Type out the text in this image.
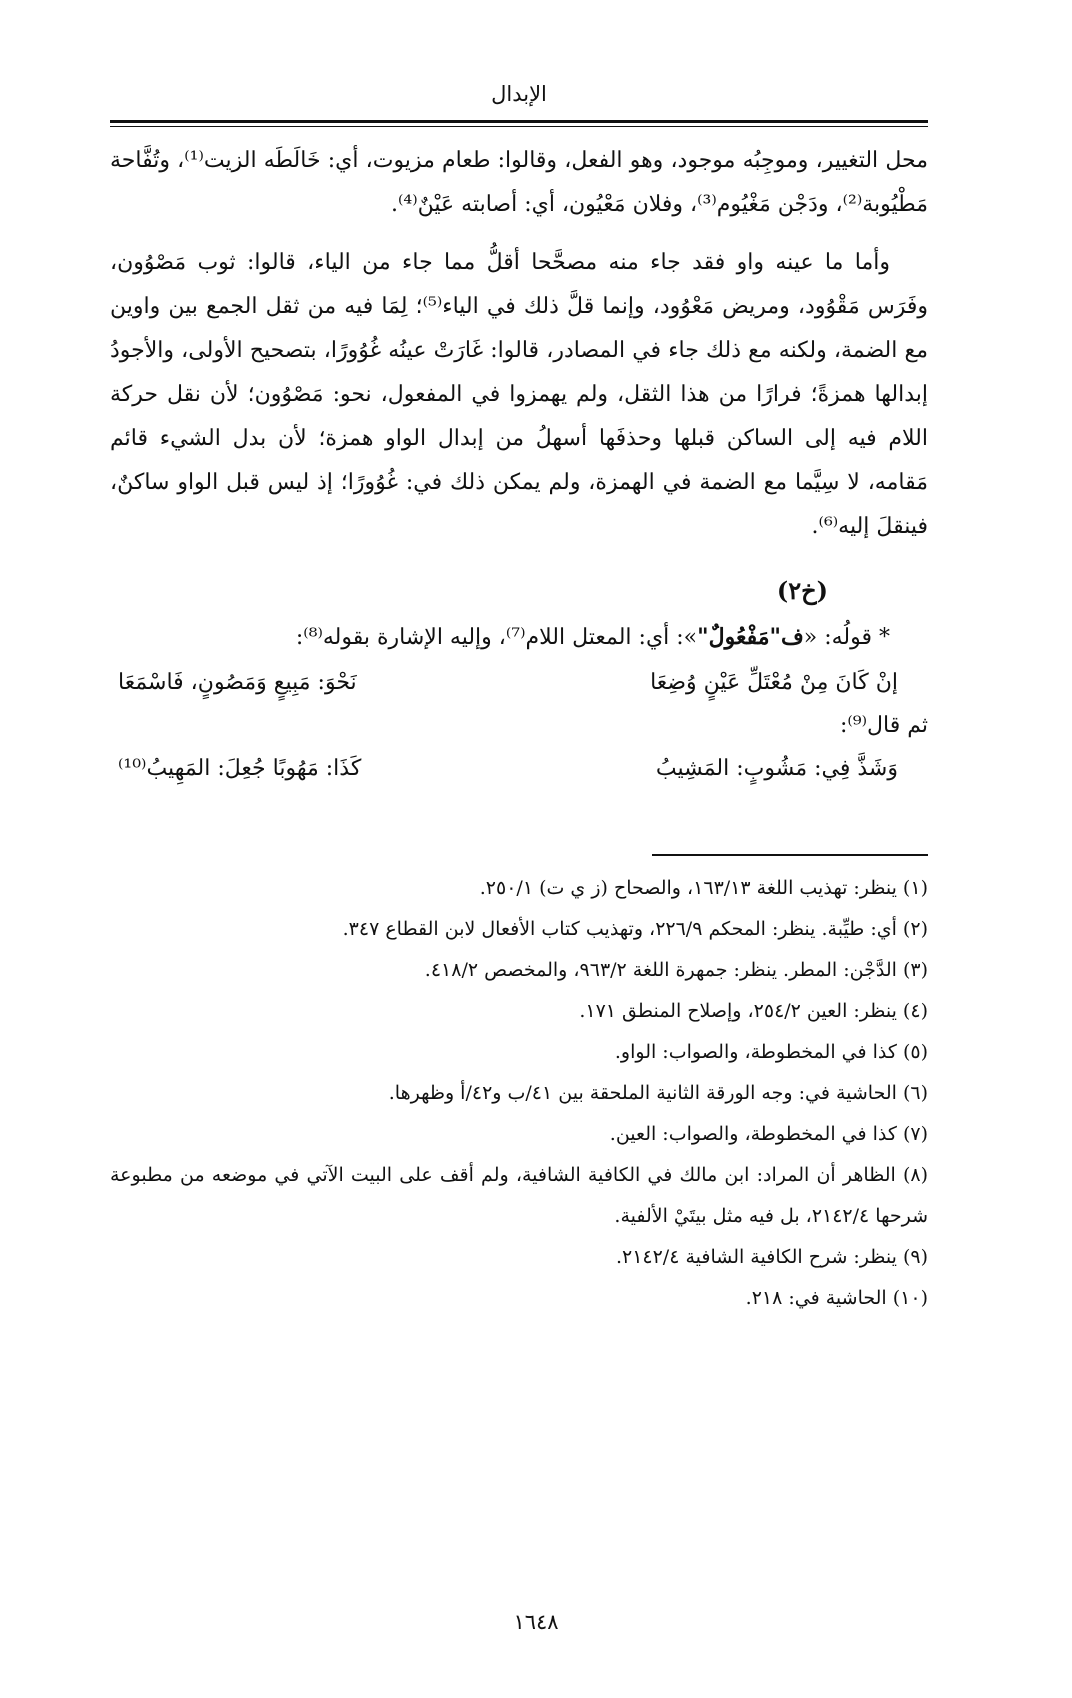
الإبدال

محل التغيير، وموجِبُه موجود، وهو الفعل، وقالوا: طعام مزيوت، أي: خَالَطَه الزيت⁽¹⁾، وتُفَّاحة مَطْيُوبة⁽²⁾، ودَجْن مَغْيُوم⁽³⁾، وفلان مَعْيُون، أي: أصابته عَيْنٌ⁽⁴⁾.

وأما ما عينه واو فقد جاء منه مصحَّحا أقلُّ مما جاء من الياء، قالوا: ثوب مَصْوُون، وفَرَس مَقْوُود، ومريض مَعْوُود، وإنما قلَّ ذلك في الياء⁽⁵⁾؛ لِمَا فيه من ثقل الجمع بين واوين مع الضمة، ولكنه مع ذلك جاء في المصادر، قالوا: غَارَتْ عينُه غُوُورًا، بتصحيح الأولى، والأجودُ إبدالها همزةً؛ فرارًا من هذا الثقل، ولم يهمزوا في المفعول، نحو: مَصْوُون؛ لأن نقل حركة اللام فيه إلى الساكن قبلها وحذفَها أسهلُ من إبدال الواو همزة؛ لأن بدل الشيء قائم مَقامه، لا سِيَّما مع الضمة في الهمزة، ولم يمكن ذلك في: غُوُورًا؛ إذ ليس قبل الواو ساكنٌ، فينقلَ إليه⁽⁶⁾.

(خ٢)
* قولُه: «ف"مَفْعُولٌ"»: أي: المعتل اللام⁽⁷⁾، وإليه الإشارة بقوله⁽⁸⁾:
إنْ كَانَ مِنْ مُعْتَلِّ عَيْنٍ وُضِعَا
نَحْوَ: مَبِيعٍ وَمَصُونٍ، فَاسْمَعَا
ثم قال⁽⁹⁾:
وَشَذَّ فِي: مَشُوبٍ: المَشِيبُ
كَذَا: مَهُوبًا جُعِلَ: المَهِيبُ⁽¹⁰⁾

(١) ينظر: تهذيب اللغة ١٦٣/١٣، والصحاح (ز ي ت) ٢٥٠/١.

(٢) أي: طيِّبة. ينظر: المحكم ٢٢٦/٩، وتهذيب كتاب الأفعال لابن القطاع ٣٤٧.

(٣) الدَّجْن: المطر. ينظر: جمهرة اللغة ٩٦٣/٢، والمخصص ٤١٨/٢.

(٤) ينظر: العين ٢٥٤/٢، وإصلاح المنطق ١٧١.

(٥) كذا في المخطوطة، والصواب: الواو.

(٦) الحاشية في: وجه الورقة الثانية الملحقة بين ٤١/ب و٤٢/أ وظهرها.

(٧) كذا في المخطوطة، والصواب: العين.

(٨) الظاهر أن المراد: ابن مالك في الكافية الشافية، ولم أقف على البيت الآتي في موضعه من مطبوعة شرحها ٢١٤٢/٤، بل فيه مثل بيتَيْ الألفية.

(٩) ينظر: شرح الكافية الشافية ٢١٤٢/٤.

(١٠) الحاشية في: ٢١٨.

١٦٤٨
